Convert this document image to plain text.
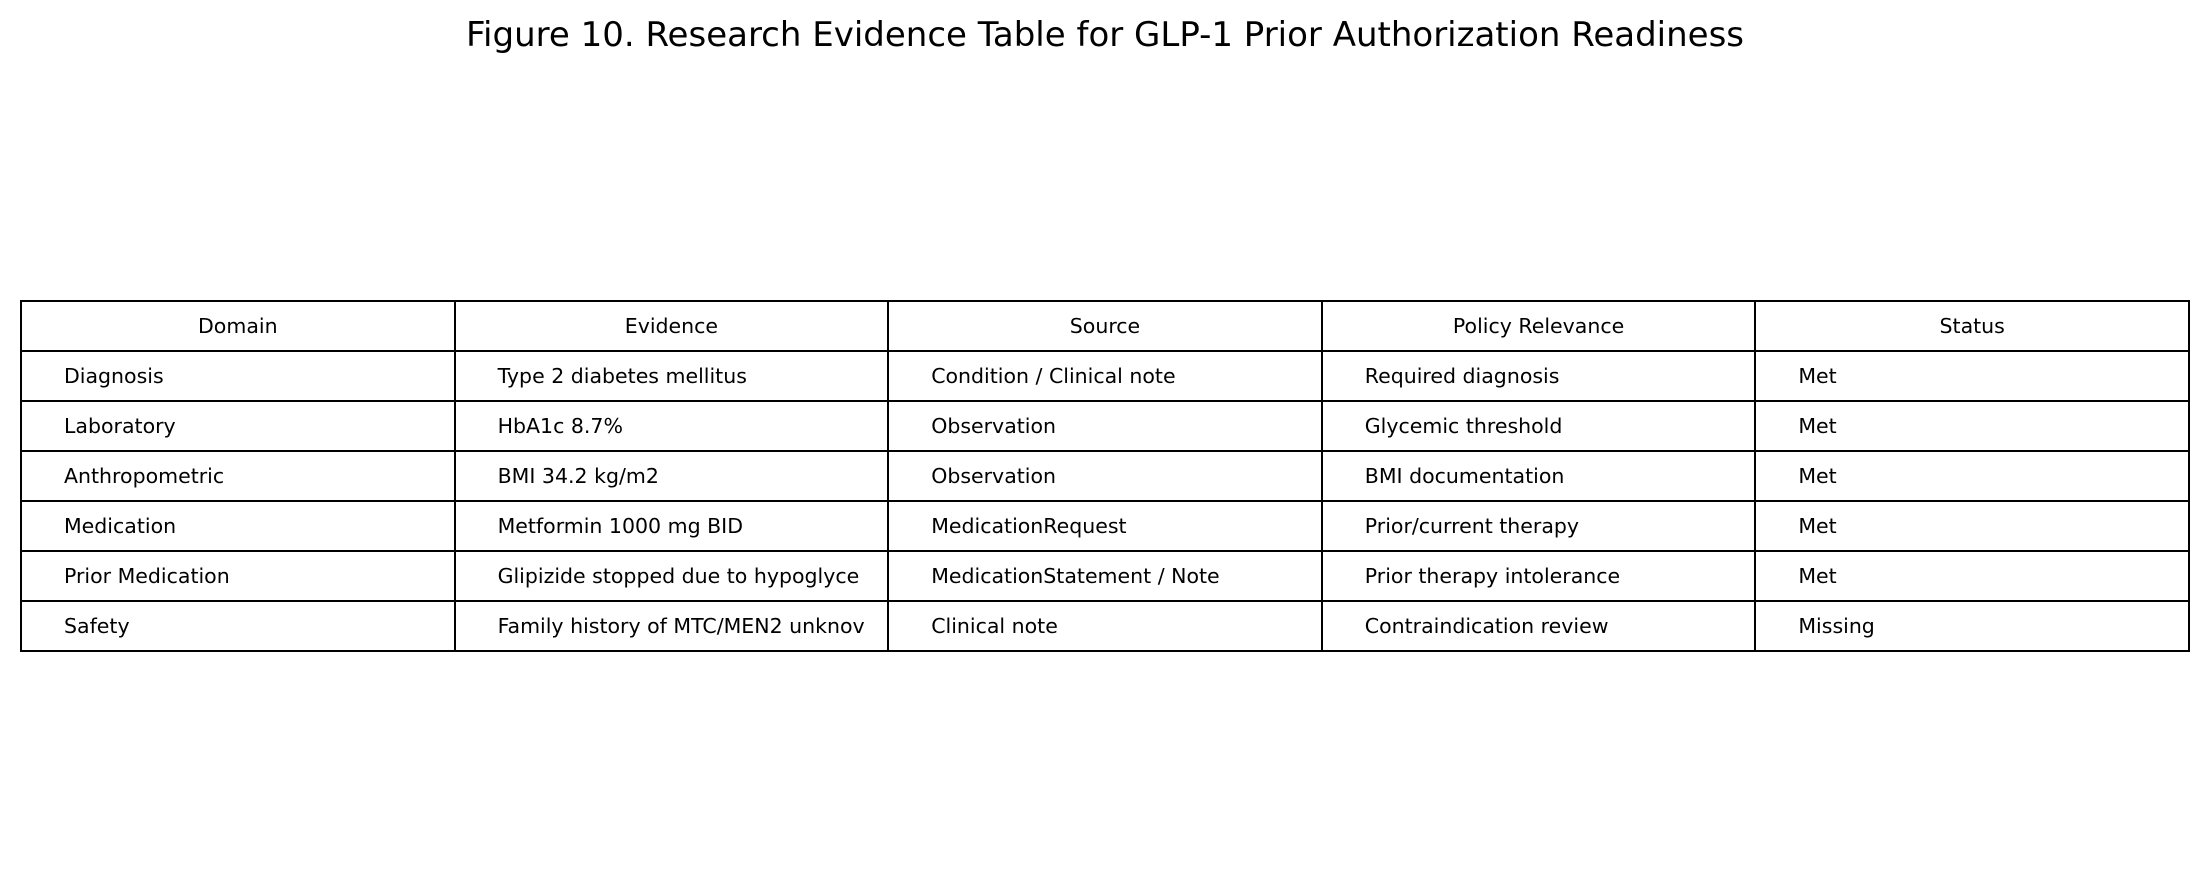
Figure 10. Research Evidence Table for GLP-1 Prior Authorization Readiness
Domain	Evidence	Source	Policy Relevance	Status
Diagnosis	Type 2 diabetes mellitus	Condition / Clinical note	Required diagnosis	Met
Laboratory	HbA1c 8.7%	Observation	Glycemic threshold	Met
Anthropometric	BMI 34.2 kg/m2	Observation	BMI documentation	Met
Medication	Metformin 1000 mg BID	MedicationRequest	Prior/current therapy	Met
Prior Medication	Glipizide stopped due to hypoglyce	MedicationStatement / Note	Prior therapy intolerance	Met
Safety	Family history of MTC/MEN2 unknov	Clinical note	Contraindication review	Missing
